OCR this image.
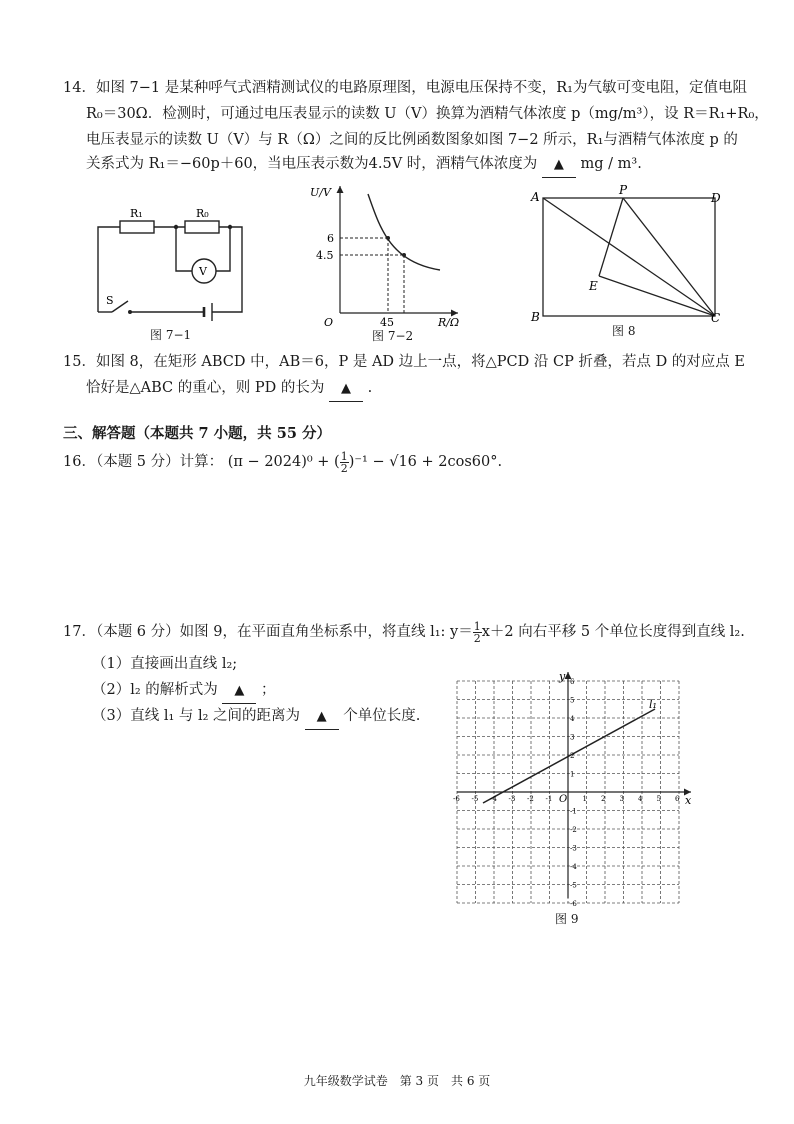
14．如图 7−1 是某种呼气式酒精测试仪的电路原理图，电源电压保持不变，R₁为气敏可变电阻，定值电阻
R₀＝30Ω．检测时，可通过电压表显示的读数 U（V）换算为酒精气体浓度 p（mg/m³），设 R＝R₁+R₀，
电压表显示的读数 U（V）与 R（Ω）之间的反比例函数图象如图 7−2 所示，R₁与酒精气体浓度 p 的
关系式为 R₁＝−60p＋60，当电压表示数为4.5V 时，酒精气体浓度为 ▲ mg / m³.
R₁	R₀
V
S
图 7−1
U/V
R/Ω
O
6
4.5
45
图 7−2
A	P
D
B	C
E
图 8
15．如图 8，在矩形 ABCD 中，AB＝6，P 是 AD 边上一点，将△PCD 沿 CP 折叠，若点 D 的对应点 E
恰好是△ABC 的重心，则 PD 的长为 ▲ .
三、解答题（本题共 7 小题，共 55 分）
16．（本题 5 分）计算： (π − 2024)⁰ + ( $\frac{1}{2} )^{-1} - √16 + 2\cos 60^\circ$.
17．（本题 6 分）如图 9，在平面直角坐标系中，将直线 l₁: $y= \frac{1}{2} x+2$ 向右平移 5 个单位长度得到直线 l₂.
（1）直接画出直线 l₂;
（2）l₂ 的解析式为 ▲ ；
（3）直线 l₁ 与 l₂ 之间的距离为 ▲ 个单位长度.
-6 -5 -4 -3 -2 -1	1 2 3 4 5 6
6
5
4
3
2
1
-1
-2
-3
-4
-5
-6
x
y
O
l₁
图 9
九年级数学试卷　第 3 页　共 6 页
